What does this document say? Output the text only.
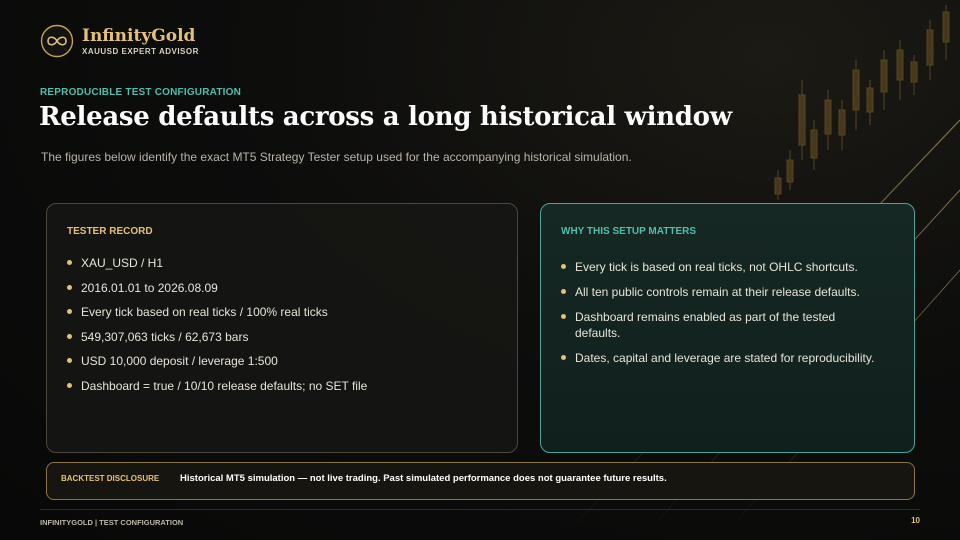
InfinityGold
XAUUSD EXPERT ADVISOR
REPRODUCIBLE TEST CONFIGURATION
Release defaults across a long historical window
The figures below identify the exact MT5 Strategy Tester setup used for the accompanying historical simulation.
TESTER RECORD
XAU_USD / H1
2016.01.01 to 2026.08.09
Every tick based on real ticks / 100% real ticks
549,307,063 ticks / 62,673 bars
USD 10,000 deposit / leverage 1:500
Dashboard = true / 10/10 release defaults; no SET file
WHY THIS SETUP MATTERS
Every tick is based on real ticks, not OHLC shortcuts.
All ten public controls remain at their release defaults.
Dashboard remains enabled as part of the tested defaults.
Dates, capital and leverage are stated for reproducibility.
BACKTEST DISCLOSURE Historical MT5 simulation — not live trading. Past simulated performance does not guarantee future results.
INFINITYGOLD | TEST CONFIGURATION	10
